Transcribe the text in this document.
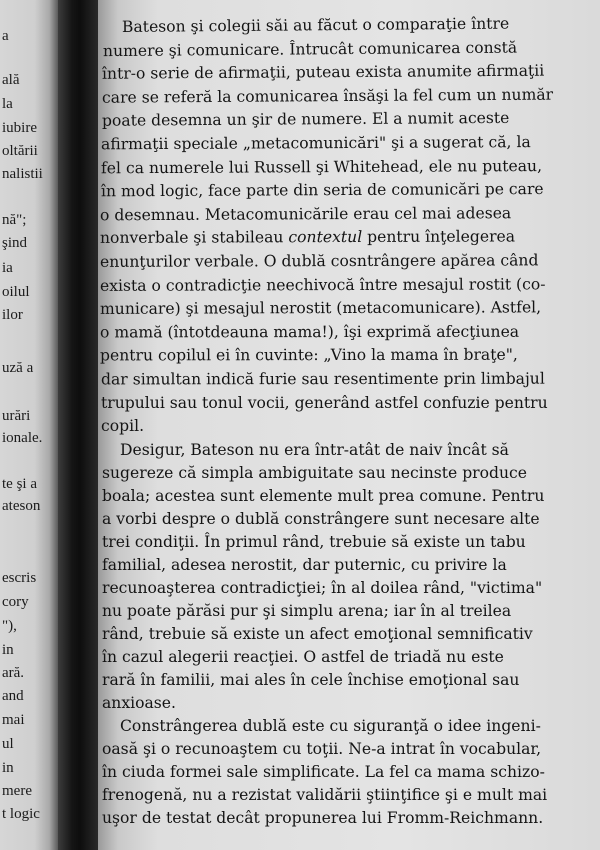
a
ală
la
iubire
oltării
nalistii
nă";
şind
ia
oilul
ilor
uză a
urări
ionale.
te şi a
ateson
escris
cory
"),
in
ară.
and
mai
ul
in
mere
t logic
Bateson şi colegii săi au făcut o comparaţie între
numere şi comunicare. Întrucât comunicarea constă
într-o serie de afirmaţii, puteau exista anumite afirmaţii
care se referă la comunicarea însăşi la fel cum un număr
poate desemna un şir de numere. El a numit aceste
afirmaţii speciale „metacomunicări" şi a sugerat că, la
fel ca numerele lui Russell şi Whitehead, ele nu puteau,
în mod logic, face parte din seria de comunicări pe care
o desemnau. Metacomunicările erau cel mai adesea
nonverbale şi stabileau contextul pentru înţelegerea
enunţurilor verbale. O dublă cosntrângere apărea când
exista o contradicţie neechivocă între mesajul rostit (co-
municare) şi mesajul nerostit (metacomunicare). Astfel,
o mamă (întotdeauna mama!), îşi exprimă afecţiunea
pentru copilul ei în cuvinte: „Vino la mama în braţe",
dar simultan indică furie sau resentimente prin limbajul
trupului sau tonul vocii, generând astfel confuzie pentru
copil.
Desigur, Bateson nu era într-atât de naiv încât să
sugereze că simpla ambiguitate sau necinste produce
boala; acestea sunt elemente mult prea comune. Pentru
a vorbi despre o dublă constrângere sunt necesare alte
trei condiţii. În primul rând, trebuie să existe un tabu
familial, adesea nerostit, dar puternic, cu privire la
recunoaşterea contradicţiei; în al doilea rând, "victima"
nu poate părăsi pur şi simplu arena; iar în al treilea
rând, trebuie să existe un afect emoţional semnificativ
în cazul alegerii reacţiei. O astfel de triadă nu este
rară în familii, mai ales în cele închise emoţional sau
anxioase.
Constrângerea dublă este cu siguranţă o idee ingeni-
oasă şi o recunoaştem cu toţii. Ne-a intrat în vocabular,
în ciuda formei sale simplificate. La fel ca mama schizo-
frenogenă, nu a rezistat validării ştiinţifice şi e mult mai
uşor de testat decât propunerea lui Fromm-Reichmann.
